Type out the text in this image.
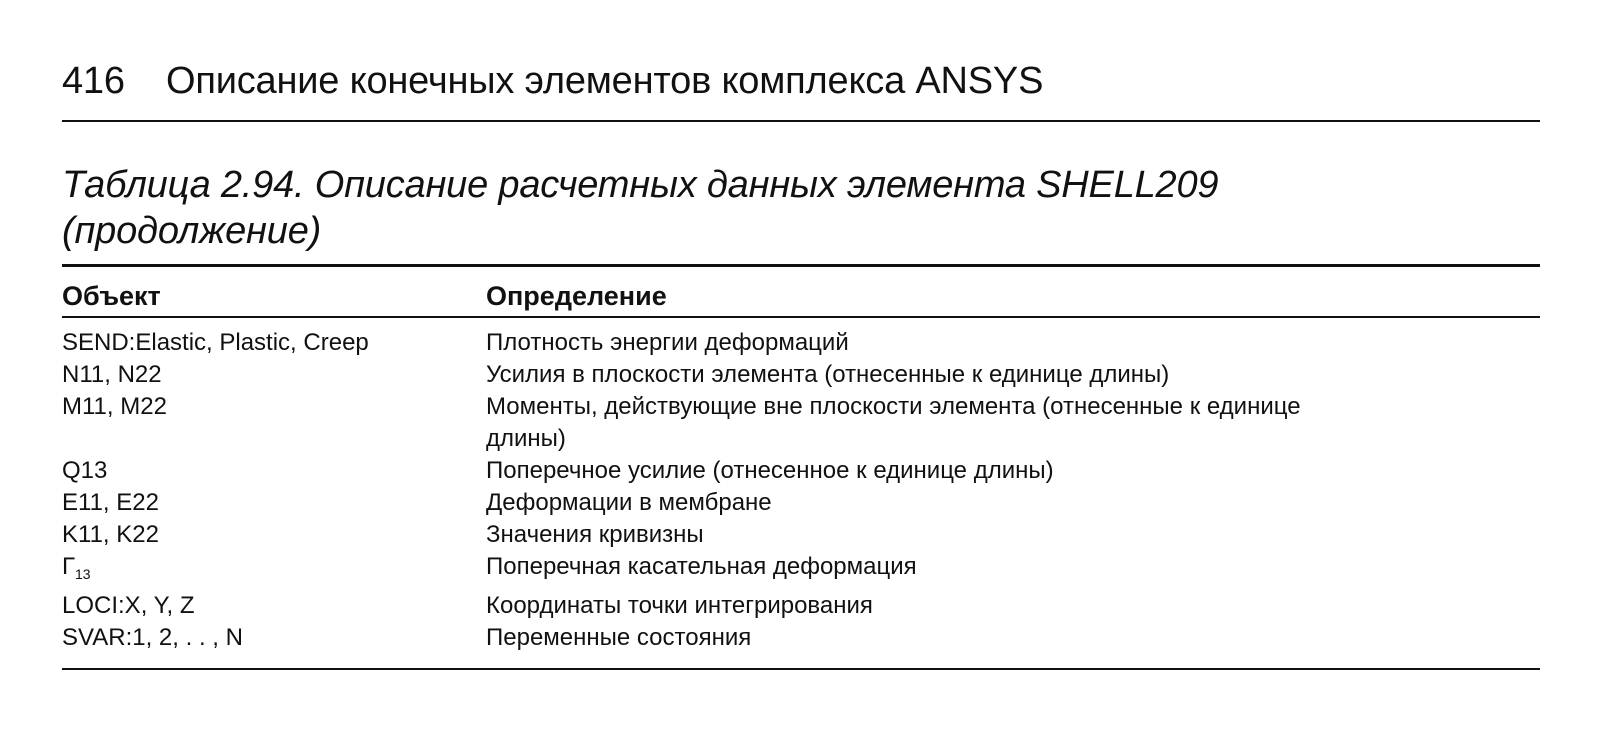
416 Описание конечных элементов комплекса ANSYS
Таблица 2.94. Описание расчетных данных элемента SHELL209
(продолжение)
Объект	Определение
SEND:Elastic, Plastic, Creep	Плотность энергии деформаций
N11, N22	Усилия в плоскости элемента (отнесенные к единице длины)
M11, M22	Моменты, действующие вне плоскости элемента (отнесенные к единице длины)
Q13	Поперечное усилие (отнесенное к единице длины)
E11, E22	Деформации в мембране
K11, K22	Значения кривизны
$Г_{13}$	Поперечная касательная деформация
LOCI:X, Y, Z	Координаты точки интегрирования
SVAR:1, 2, . . , N	Переменные состояния
